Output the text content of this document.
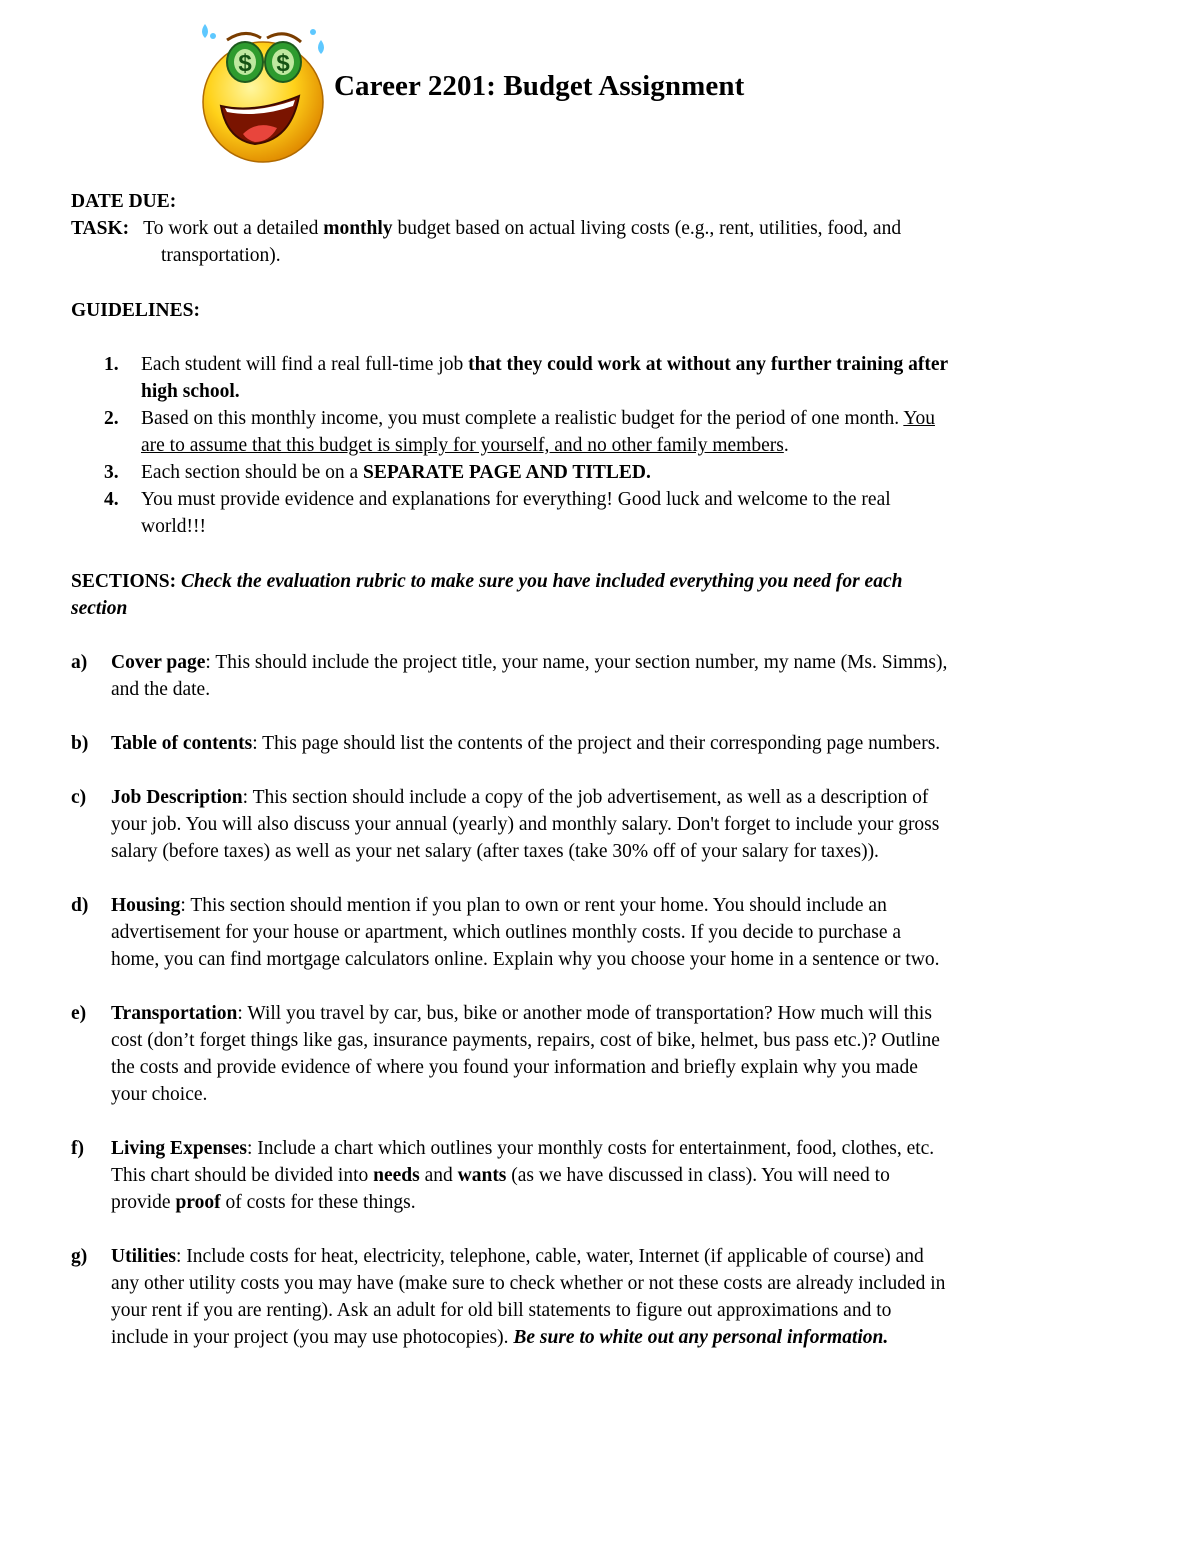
$ $
Career 2201: Budget Assignment
DATE DUE:
TASK: To work out a detailed monthly budget based on actual living costs (e.g., rent, utilities, food, and
transportation).
GUIDELINES:
1. Each student will find a real full-time job that they could work at without any further training after
high school.
2. Based on this monthly income, you must complete a realistic budget for the period of one month. You
are to assume that this budget is simply for yourself, and no other family members.
3. Each section should be on a SEPARATE PAGE AND TITLED.
4. You must provide evidence and explanations for everything! Good luck and welcome to the real
world!!!
SECTIONS: Check the evaluation rubric to make sure you have included everything you need for each
section
a) Cover page: This should include the project title, your name, your section number, my name (Ms. Simms),
and the date.
b) Table of contents: This page should list the contents of the project and their corresponding page numbers.
c) Job Description: This section should include a copy of the job advertisement, as well as a description of
your job. You will also discuss your annual (yearly) and monthly salary. Don't forget to include your gross
salary (before taxes) as well as your net salary (after taxes (take 30% off of your salary for taxes)).
d) Housing: This section should mention if you plan to own or rent your home. You should include an
advertisement for your house or apartment, which outlines monthly costs. If you decide to purchase a
home, you can find mortgage calculators online. Explain why you choose your home in a sentence or two.
e) Transportation: Will you travel by car, bus, bike or another mode of transportation? How much will this
cost (don’t forget things like gas, insurance payments, repairs, cost of bike, helmet, bus pass etc.)? Outline
the costs and provide evidence of where you found your information and briefly explain why you made
your choice.
f) Living Expenses: Include a chart which outlines your monthly costs for entertainment, food, clothes, etc.
This chart should be divided into needs and wants (as we have discussed in class). You will need to
provide proof of costs for these things.
g) Utilities: Include costs for heat, electricity, telephone, cable, water, Internet (if applicable of course) and
any other utility costs you may have (make sure to check whether or not these costs are already included in
your rent if you are renting). Ask an adult for old bill statements to figure out approximations and to
include in your project (you may use photocopies). Be sure to white out any personal information.
